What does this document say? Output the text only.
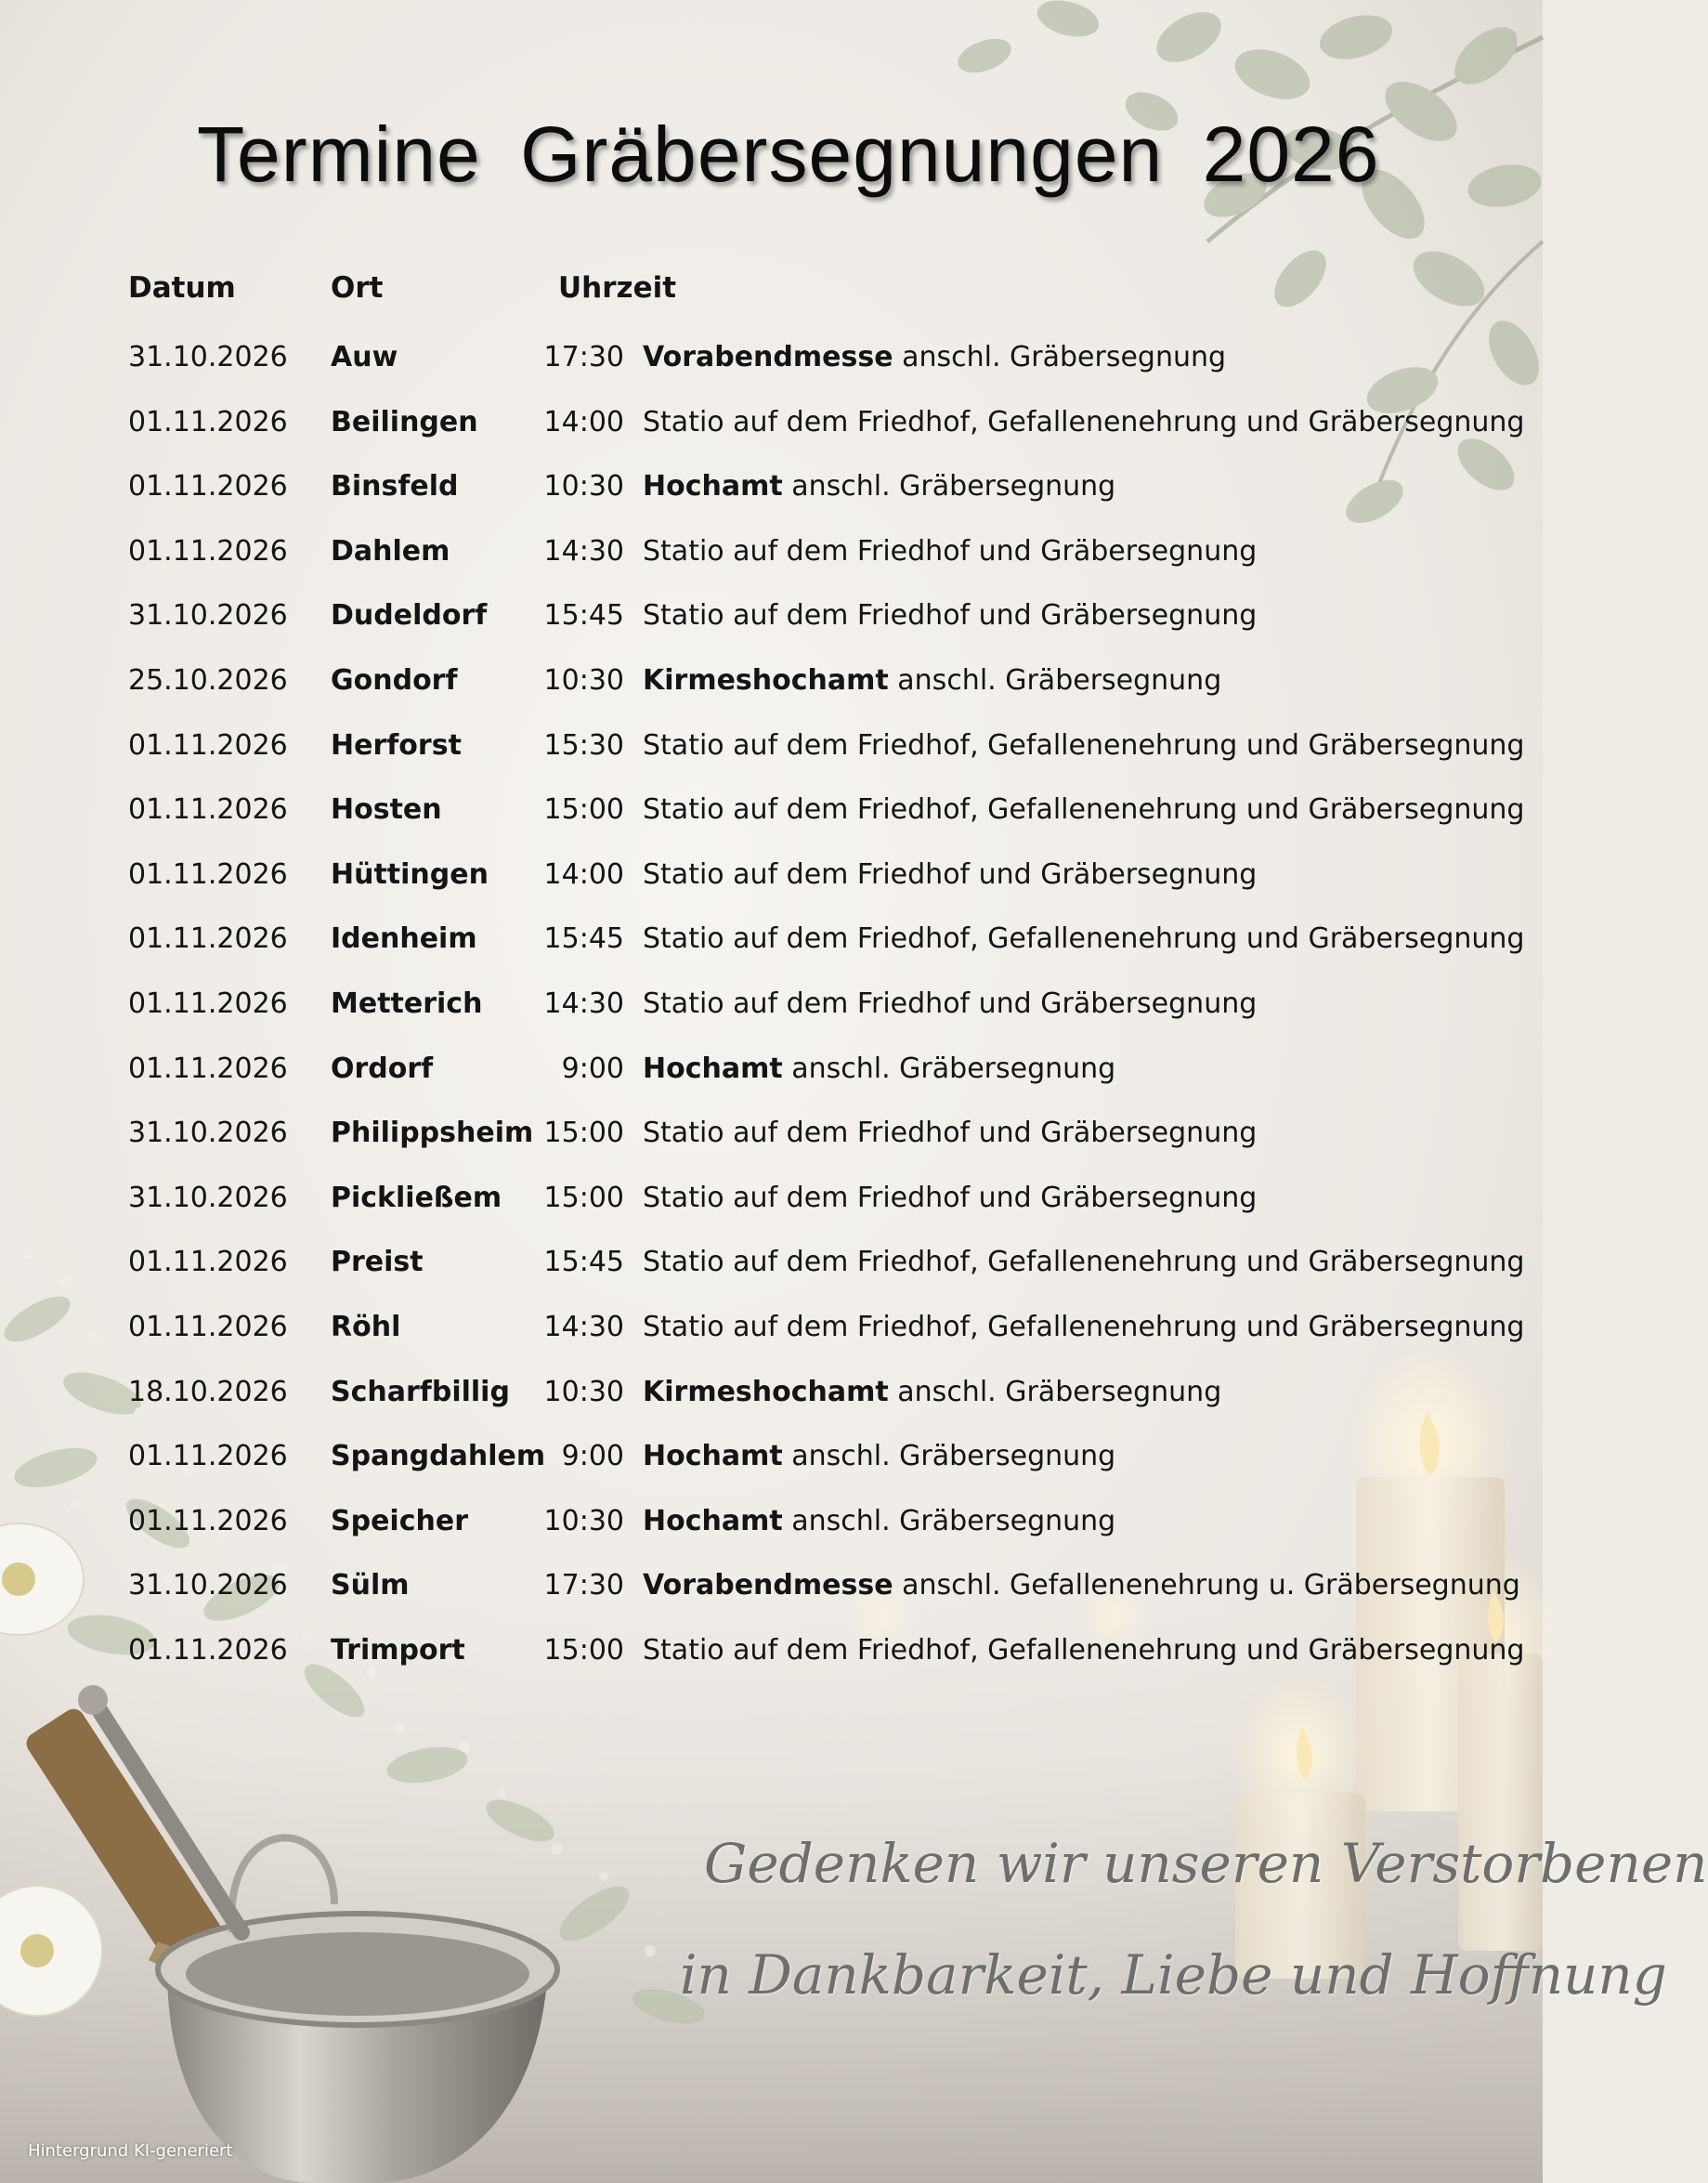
Termine Gräbersegnungen 2026
Datum	Ort	Uhrzeit
31.10.2026 Auw	17:30 Vorabendmesse anschl. Gräbersegnung
01.11.2026 Beilingen	14:00 Statio auf dem Friedhof, Gefallenenehrung und Gräbersegnung
01.11.2026 Binsfeld	10:30 Hochamt anschl. Gräbersegnung
01.11.2026 Dahlem	14:30 Statio auf dem Friedhof und Gräbersegnung
31.10.2026 Dudeldorf	15:45 Statio auf dem Friedhof und Gräbersegnung
25.10.2026 Gondorf	10:30 Kirmeshochamt anschl. Gräbersegnung
01.11.2026 Herforst	15:30 Statio auf dem Friedhof, Gefallenenehrung und Gräbersegnung
01.11.2026 Hosten	15:00 Statio auf dem Friedhof, Gefallenenehrung und Gräbersegnung
01.11.2026 Hüttingen	14:00 Statio auf dem Friedhof und Gräbersegnung
01.11.2026 Idenheim	15:45 Statio auf dem Friedhof, Gefallenenehrung und Gräbersegnung
01.11.2026 Metterich	14:30 Statio auf dem Friedhof und Gräbersegnung
01.11.2026 Ordorf	9:00 Hochamt anschl. Gräbersegnung
31.10.2026 Philippsheim 15:00 Statio auf dem Friedhof und Gräbersegnung
31.10.2026 Pickließem	15:00 Statio auf dem Friedhof und Gräbersegnung
01.11.2026 Preist	15:45 Statio auf dem Friedhof, Gefallenenehrung und Gräbersegnung
01.11.2026 Röhl	14:30 Statio auf dem Friedhof, Gefallenenehrung und Gräbersegnung
18.10.2026 Scharfbillig	10:30 Kirmeshochamt anschl. Gräbersegnung
01.11.2026 Spangdahlem 9:00 Hochamt anschl. Gräbersegnung
01.11.2026 Speicher	10:30 Hochamt anschl. Gräbersegnung
31.10.2026 Sülm	17:30 Vorabendmesse anschl. Gefallenenehrung u. Gräbersegnung
01.11.2026 Trimport	15:00 Statio auf dem Friedhof, Gefallenenehrung und Gräbersegnung
Gedenken wir unseren Verstorbenen
in Dankbarkeit, Liebe und Hoffnung
Hintergrund KI-generiert
